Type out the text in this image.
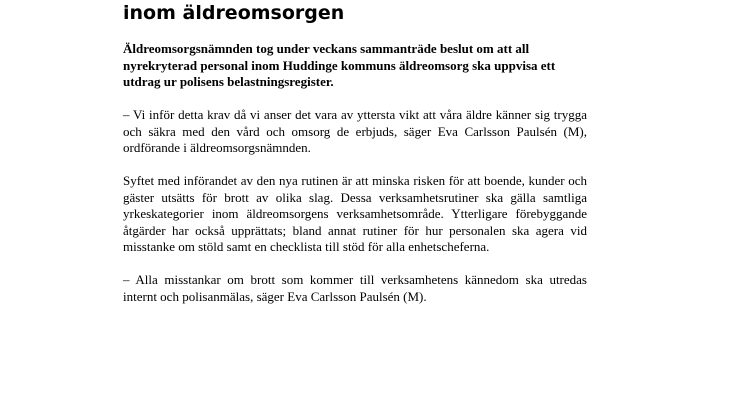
inom äldreomsorgen

Äldreomsorgsnämnden tog under veckans sammanträde beslut om att all nyrekryterad personal inom Huddinge kommuns äldreomsorg ska uppvisa ett utdrag ur polisens belastningsregister.

– Vi inför detta krav då vi anser det vara av yttersta vikt att våra äldre känner sig trygga och säkra med den vård och omsorg de erbjuds, säger Eva Carlsson Paulsén (M), ordförande i äldreomsorgsnämnden.

Syftet med införandet av den nya rutinen är att minska risken för att boende, kunder och gäster utsätts för brott av olika slag. Dessa verksamhetsrutiner ska gälla samtliga yrkeskategorier inom äldreomsorgens verksamhetsområde. Ytterligare förebyggande åtgärder har också upprättats; bland annat rutiner för hur personalen ska agera vid misstanke om stöld samt en checklista till stöd för alla enhetscheferna.

– Alla misstankar om brott som kommer till verksamhetens kännedom ska utredas internt och polisanmälas, säger Eva Carlsson Paulsén (M).
